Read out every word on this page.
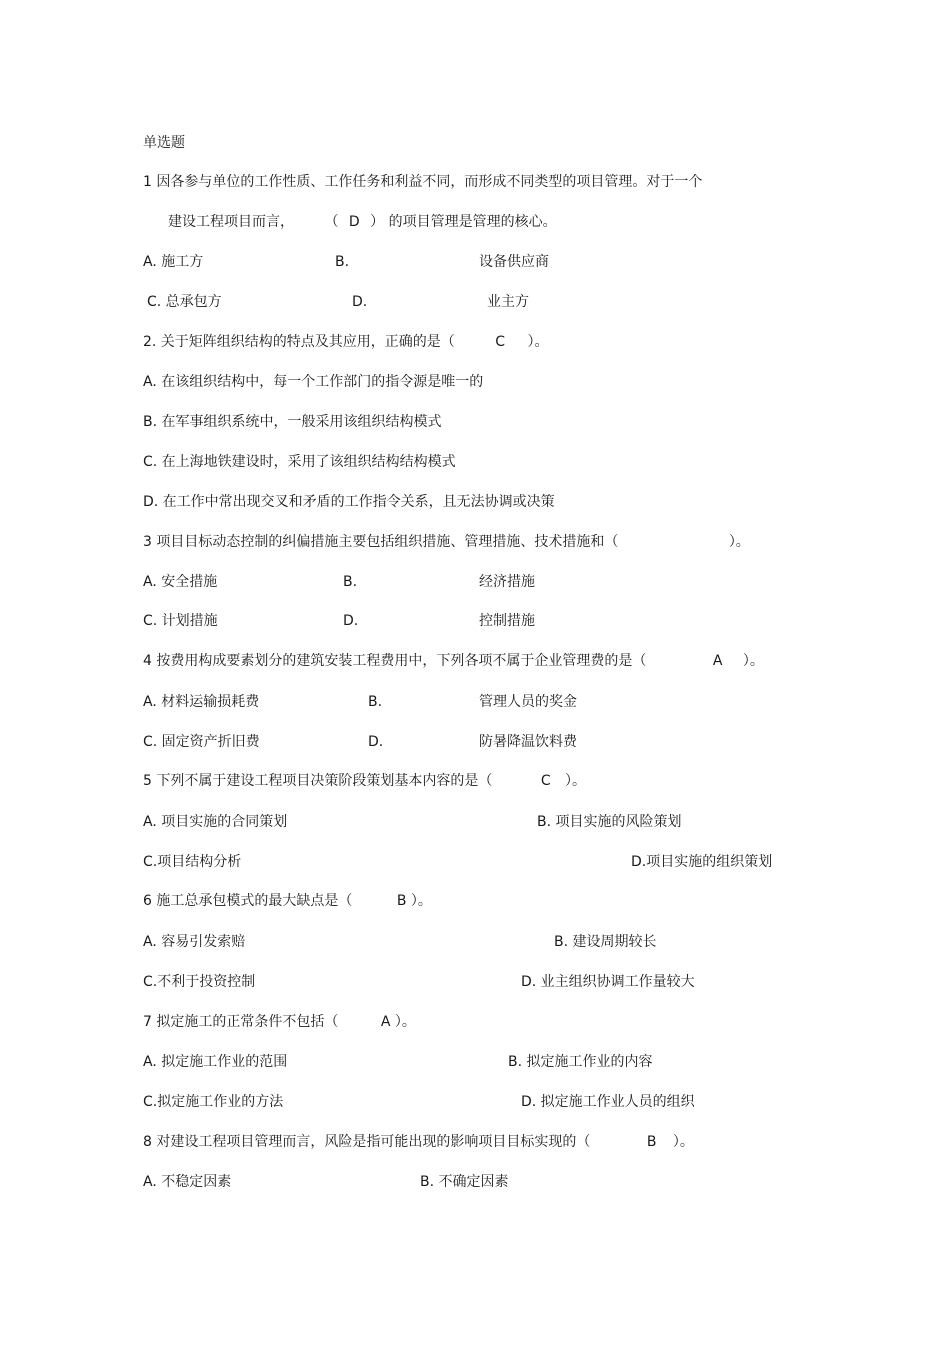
单选题
1 因各参与单位的工作性质、工作任务和利益不同，而形成不同类型的项目管理。对于一个
建设工程项目而言， （ D ） 的项目管理是管理的核心。
A. 施工方	B.	设备供应商
C. 总承包方	D.	业主方
2. 关于矩阵组织结构的特点及其应用，正确的是（	C ）。
A. 在该组织结构中，每一个工作部门的指令源是唯一的
B. 在军事组织系统中，一般采用该组织结构模式
C. 在上海地铁建设时，采用了该组织结构结构模式
D. 在工作中常出现交叉和矛盾的工作指令关系，且无法协调或决策
3 项目目标动态控制的纠偏措施主要包括组织措施、管理措施、技术措施和（	）。
A. 安全措施	B.	经济措施
C. 计划措施	D.	控制措施
4 按费用构成要素划分的建筑安装工程费用中，下列各项不属于企业管理费的是（	A ）。
A. 材料运输损耗费	B.	管理人员的奖金
C. 固定资产折旧费	D.	防暑降温饮料费
5 下列不属于建设工程项目决策阶段策划基本内容的是（	C ）。
A. 项目实施的合同策划	B. 项目实施的风险策划
C.项目结构分析	D.项目实施的组织策划
6 施工总承包模式的最大缺点是（	B ）。
A. 容易引发索赔	B. 建设周期较长
C.不利于投资控制	D. 业主组织协调工作量较大
7 拟定施工的正常条件不包括（	A ）。
A. 拟定施工作业的范围	B. 拟定施工作业的内容
C.拟定施工作业的方法	D. 拟定施工作业人员的组织
8 对建设工程项目管理而言，风险是指可能出现的影响项目目标实现的（	B ）。
A. 不稳定因素	B. 不确定因素
